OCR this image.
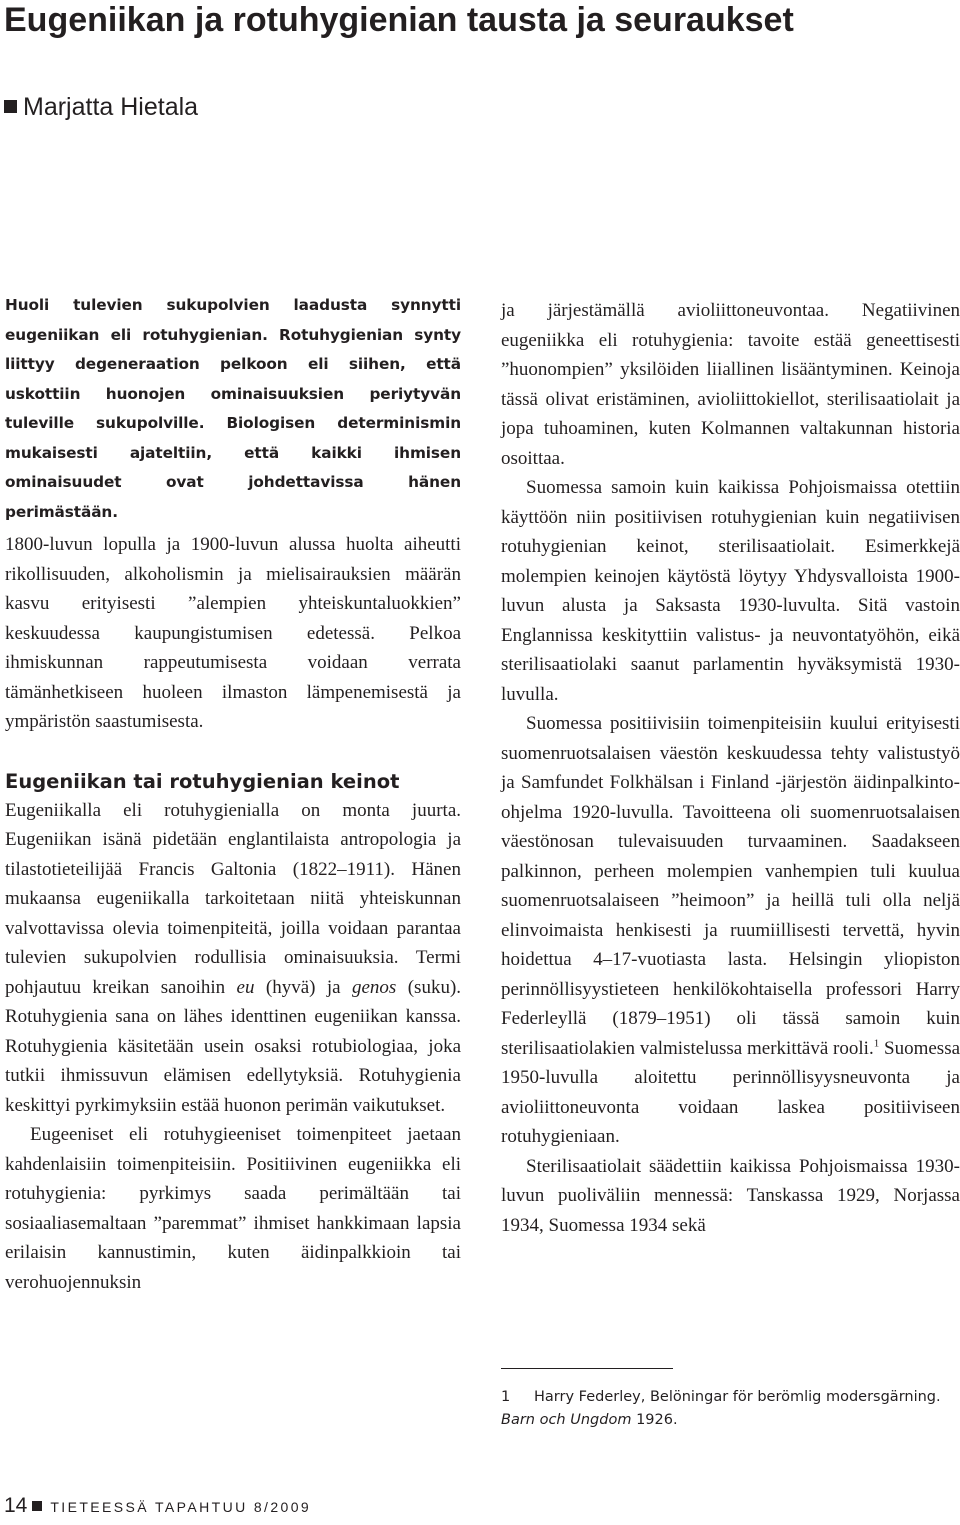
Eugeniikan ja rotuhygienian tausta ja seuraukset
Marjatta Hietala

Huoli tulevien sukupolvien laadusta synnytti eugeniikan eli rotuhygienian. Rotuhygienian synty liittyy degeneraation pelkoon eli siihen, että uskottiin huonojen ominaisuuksien periytyvän tuleville sukupolville. Biologisen determinismin mukaisesti ajateltiin, että kaikki ihmisen ominaisuudet ovat johdettavissa hänen perimästään.

1800-luvun lopulla ja 1900-luvun alussa huolta aiheutti rikollisuuden, alkoholismin ja mielisairauksien määrän kasvu erityisesti ”alempien yhteiskuntaluokkien” keskuudessa kaupungistumisen edetessä. Pelkoa ihmiskunnan rappeutumisesta voidaan verrata tämänhetkiseen huoleen ilmaston lämpenemisestä ja ympäristön saastumisesta.

Eugeniikan tai rotuhygienian keinot

Eugeniikalla eli rotuhygienialla on monta juurta. Eugeniikan isänä pidetään englantilaista antropologia ja tilastotieteilijää Francis Galtonia (1822–1911). Hänen mukaansa eugeniikalla tarkoitetaan niitä yhteiskunnan valvottavissa olevia toimenpiteitä, joilla voidaan parantaa tulevien sukupolvien rodullisia ominaisuuksia. Termi pohjautuu kreikan sanoihin eu (hyvä) ja genos (suku). Rotuhygienia sana on lähes identtinen eugeniikan kanssa. Rotuhygienia käsitetään usein osaksi rotubiologiaa, joka tutkii ihmissuvun elämisen edellytyksiä. Rotuhygienia keskittyi pyrkimyksiin estää huonon perimän vaikutukset.

Eugeeniset eli rotuhygieeniset toimenpiteet jaetaan kahdenlaisiin toimenpiteisiin. Positiivinen eugeniikka eli rotuhygienia: pyrkimys saada perimältään tai sosiaaliasemaltaan ”paremmat” ihmiset hankkimaan lapsia erilaisin kannustimin, kuten äidinpalkkioin tai verohuojennuksin

ja järjestämällä avioliittoneuvontaa. Negatiivinen eugeniikka eli rotuhygienia: tavoite estää geneettisesti ”huonompien” yksilöiden liiallinen lisääntyminen. Keinoja tässä olivat eristäminen, avioliittokiellot, sterilisaatiolait ja jopa tuhoaminen, kuten Kolmannen valtakunnan historia osoittaa.

Suomessa samoin kuin kaikissa Pohjoismaissa otettiin käyttöön niin positiivisen rotuhygienian kuin negatiivisen rotuhygienian keinot, sterilisaatiolait. Esimerkkejä molempien keinojen käytöstä löytyy Yhdysvalloista 1900-luvun alusta ja Saksasta 1930-luvulta. Sitä vastoin Englannissa keskityttiin valistus- ja neuvontatyöhön, eikä sterilisaatiolaki saanut parlamentin hyväksymistä 1930-luvulla.

Suomessa positiivisiin toimenpiteisiin kuului erityisesti suomenruotsalaisen väestön keskuudessa tehty valistustyö ja Samfundet Folkhälsan i Finland -järjestön äidinpalkinto-ohjelma 1920-luvulla. Tavoitteena oli suomenruotsalaisen väestönosan tulevaisuuden turvaaminen. Saadakseen palkinnon, perheen molempien vanhempien tuli kuulua suomenruotsalaiseen ”heimoon” ja heillä tuli olla neljä elinvoimaista henkisesti ja ruumiillisesti tervettä, hyvin hoidettua 4–17-vuotiasta lasta. Helsingin yliopiston perinnöllisyystieteen henkilökohtaisella professori Harry Federleyllä (1879–1951) oli tässä samoin kuin sterilisaatiolakien valmistelussa merkittävä rooli.$^1$ Suomessa 1950-luvulla aloitettu perinnöllisyysneuvonta ja avioliittoneuvonta voidaan laskea positiiviseen rotuhygieniaan.

Sterilisaatiolait säädettiin kaikissa Pohjoismaissa 1930-luvun puoliväliin mennessä: Tanskassa 1929, Norjassa 1934, Suomessa 1934 sekä

1 Harry Federley, Belöningar för berömlig modersgärning. Barn och Ungdom 1926.

14 TIETEESSÄ TAPAHTUU 8/2009
